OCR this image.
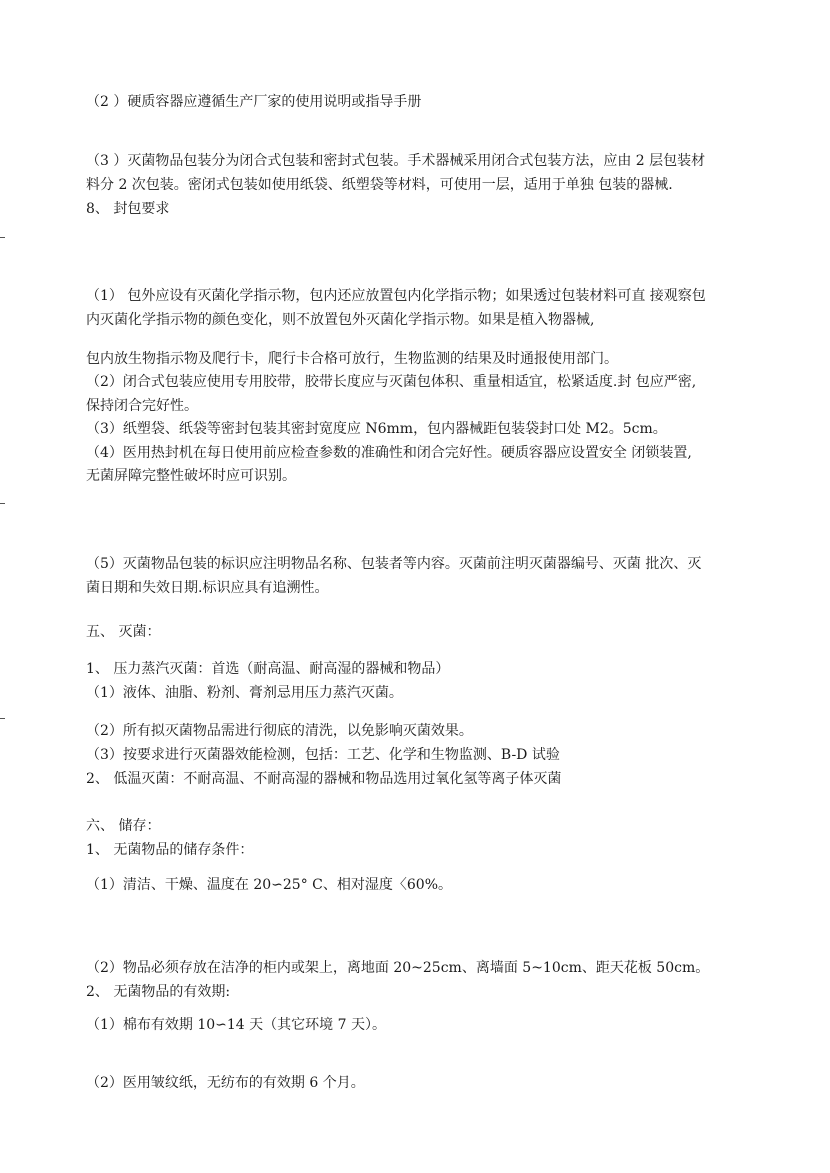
（2 ）硬质容器应遵循生产厂家的使用说明或指导手册
（3 ）灭菌物品包装分为闭合式包装和密封式包装。手术器械采用闭合式包装方法，应由 2 层包装材
料分 2 次包装。密闭式包装如使用纸袋、纸塑袋等材料，可使用一层，适用于单独 包装的器械.
8、 封包要求
（1） 包外应设有灭菌化学指示物，包内还应放置包内化学指示物；如果透过包装材料可直 接观察包
内灭菌化学指示物的颜色变化，则不放置包外灭菌化学指示物。如果是植入物器械,
包内放生物指示物及爬行卡，爬行卡合格可放行，生物监测的结果及时通报使用部门。
（2）闭合式包装应使用专用胶带，胶带长度应与灭菌包体积、重量相适宜，松紧适度.封 包应严密,
保持闭合完好性。
（3）纸塑袋、纸袋等密封包装其密封宽度应 N6mm，包内器械距包装袋封口处 M2。5cm。
（4）医用热封机在每日使用前应检查参数的准确性和闭合完好性。硬质容器应设置安全 闭锁装置,
无菌屏障完整性破坏时应可识别。
（5）灭菌物品包装的标识应注明物品名称、包装者等内容。灭菌前注明灭菌器编号、灭菌 批次、灭
菌日期和失效日期.标识应具有追溯性。
五、 灭菌：
1、 压力蒸汽灭菌：首选（耐高温、耐高湿的器械和物品）
（1）液体、油脂、粉剂、膏剂忌用压力蒸汽灭菌。
（2）所有拟灭菌物品需进行彻底的清洗，以免影响灭菌效果。
（3）按要求进行灭菌器效能检测，包括：工艺、化学和生物监测、B-D 试验
2、 低温灭菌：不耐高温、不耐高湿的器械和物品选用过氧化氢等离子体灭菌
六、 储存：
1、 无菌物品的储存条件：
（1）清洁、干燥、温度在 20∽25° C、相对湿度〈60%。
（2）物品必须存放在洁净的柜内或架上，离地面 20~25cm、离墙面 5~10cm、距天花板 50cm。
2、 无菌物品的有效期:
（1）棉布有效期 10∽14 天（其它环境 7 天）。
（2）医用皱纹纸，无纺布的有效期 6 个月。
